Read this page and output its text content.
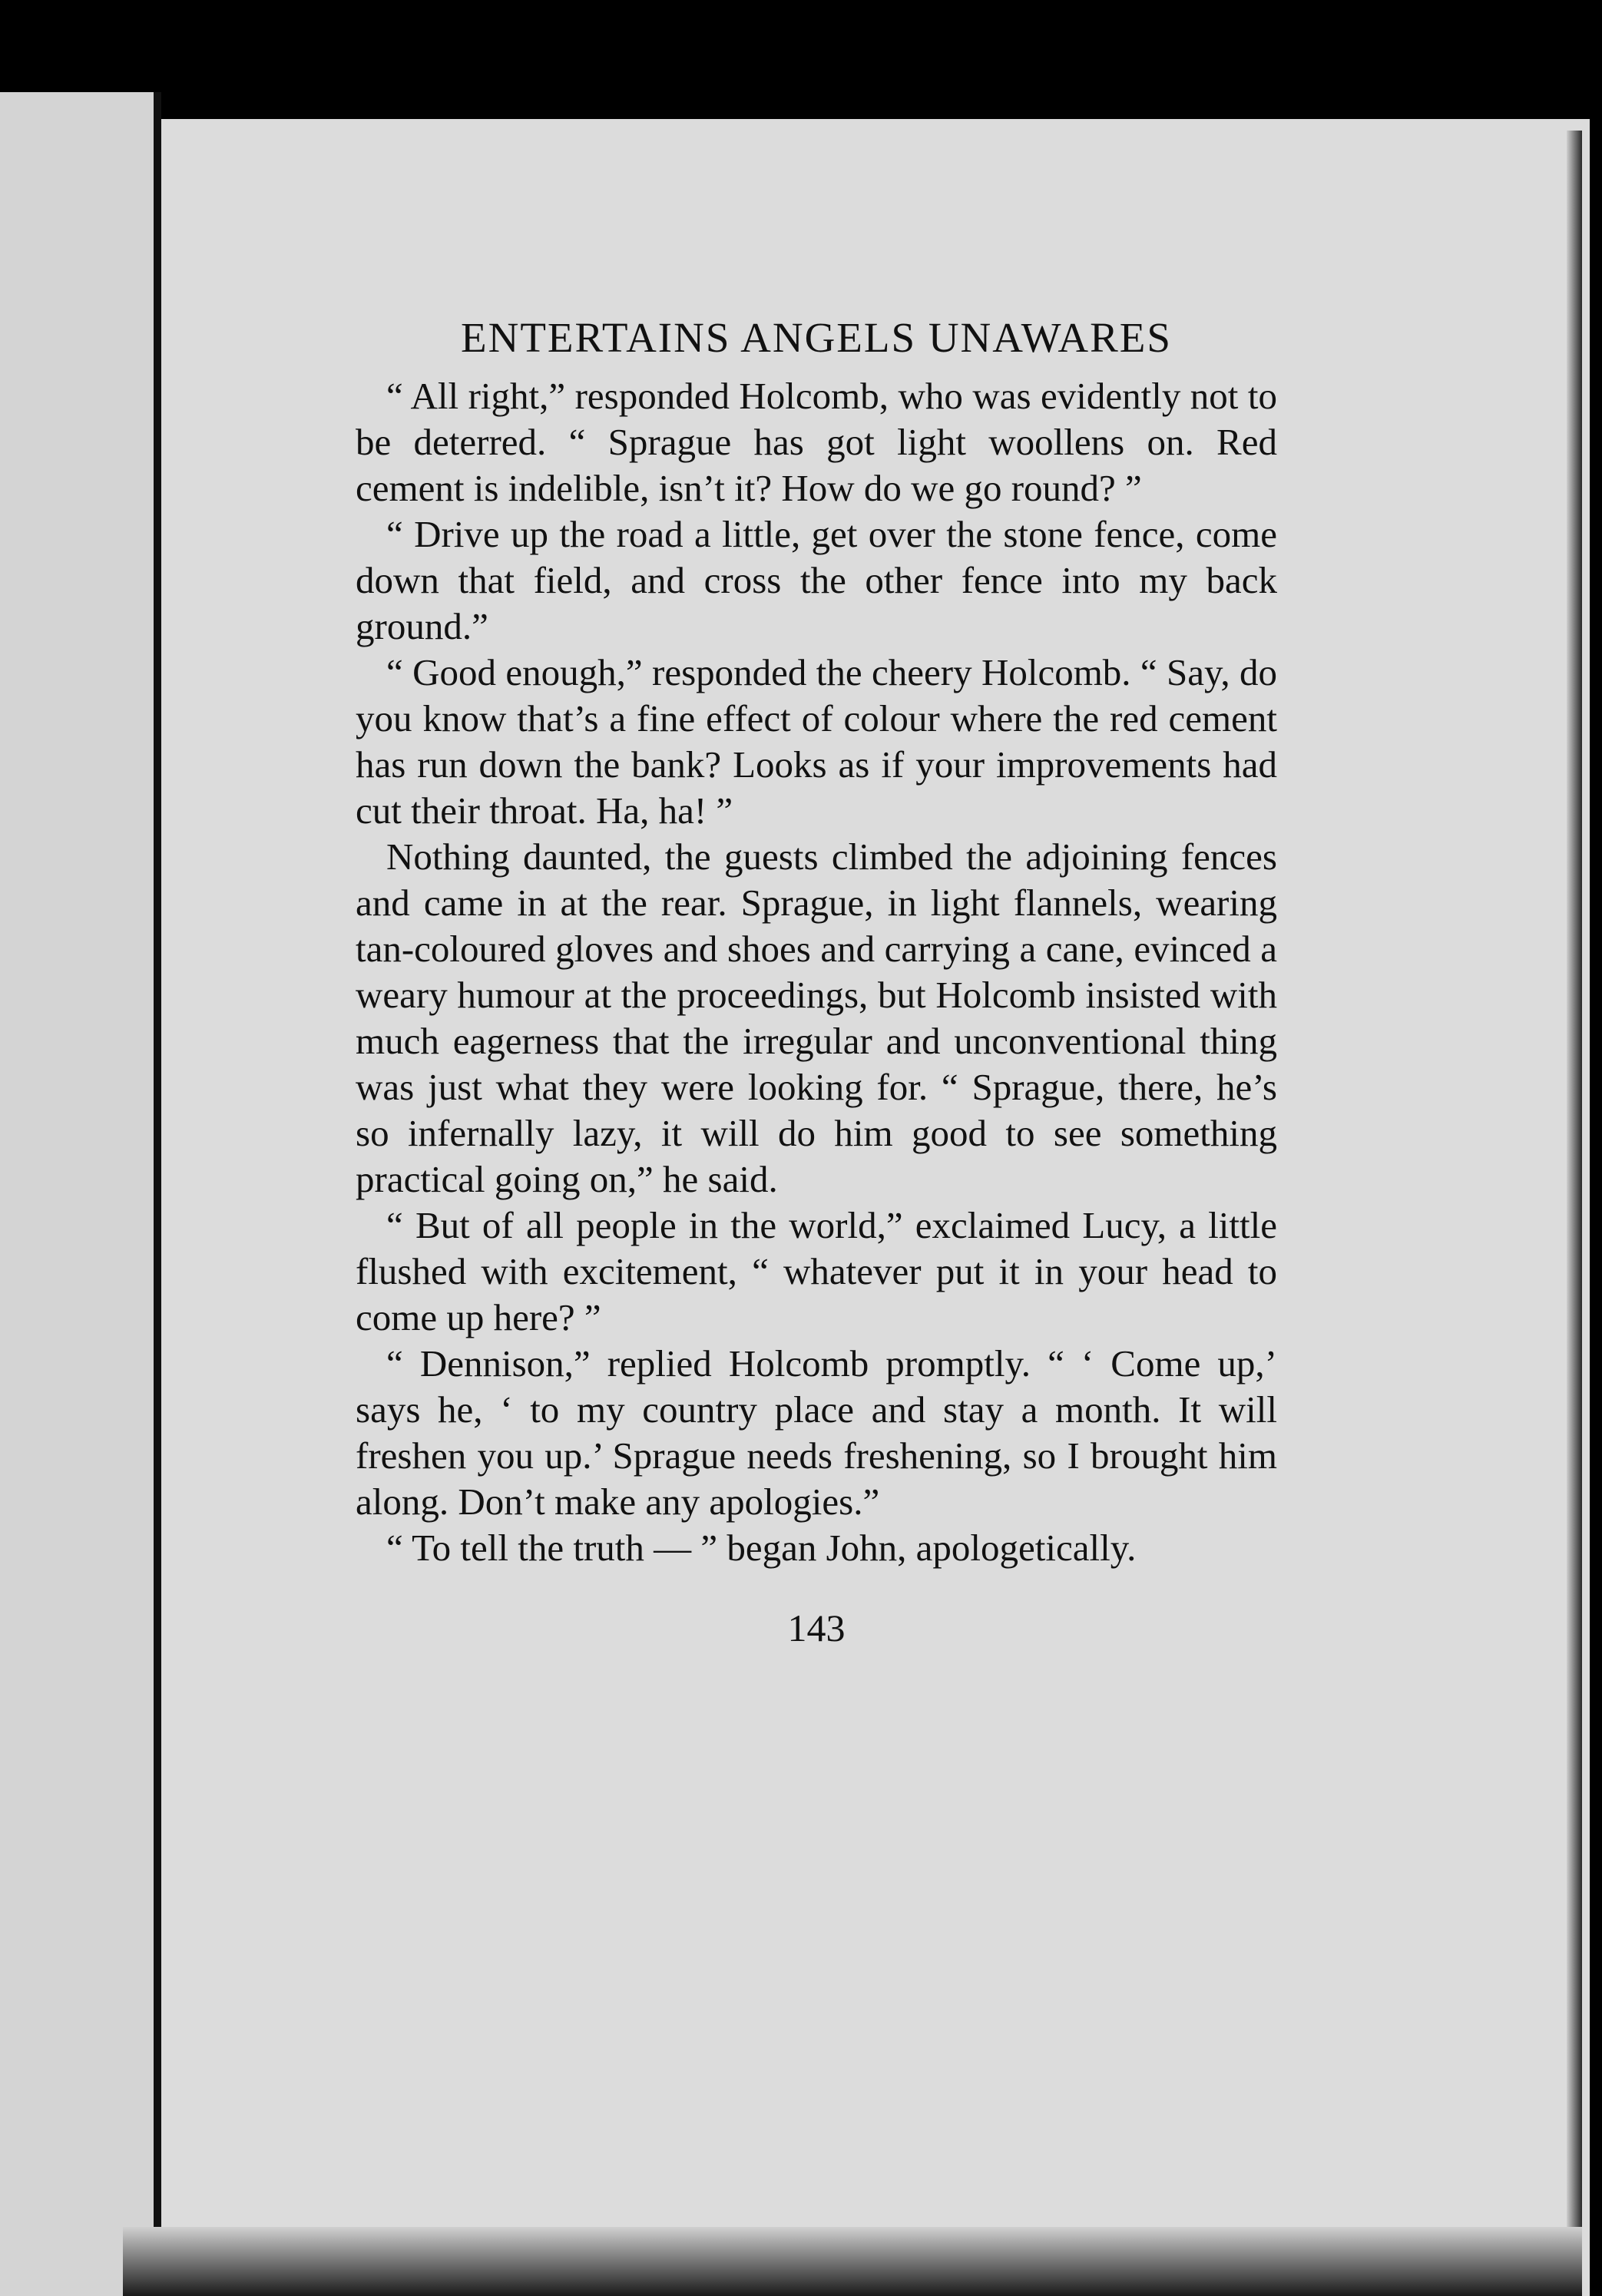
ENTERTAINS ANGELS UNAWARES

“ All right,” responded Holcomb, who was evidently not to be deterred. “ Sprague has got light woollens on. Red cement is indelible, isn’t it? How do we go round? ”

“ Drive up the road a little, get over the stone fence, come down that field, and cross the other fence into my back ground.”

“ Good enough,” responded the cheery Holcomb. “ Say, do you know that’s a fine effect of colour where the red cement has run down the bank? Looks as if your improvements had cut their throat. Ha, ha! ”

Nothing daunted, the guests climbed the adjoining fences and came in at the rear. Sprague, in light flannels, wearing tan-coloured gloves and shoes and carrying a cane, evinced a weary humour at the proceedings, but Holcomb insisted with much eagerness that the irregular and unconventional thing was just what they were looking for. “ Sprague, there, he’s so infernally lazy, it will do him good to see something practical going on,” he said.

“ But of all people in the world,” exclaimed Lucy, a little flushed with excitement, “ whatever put it in your head to come up here? ”

“ Dennison,” replied Holcomb promptly. “ ‘ Come up,’ says he, ‘ to my country place and stay a month. It will freshen you up.’ Sprague needs freshening, so I brought him along. Don’t make any apologies.”

“ To tell the truth — ” began John, apologetically.

143
